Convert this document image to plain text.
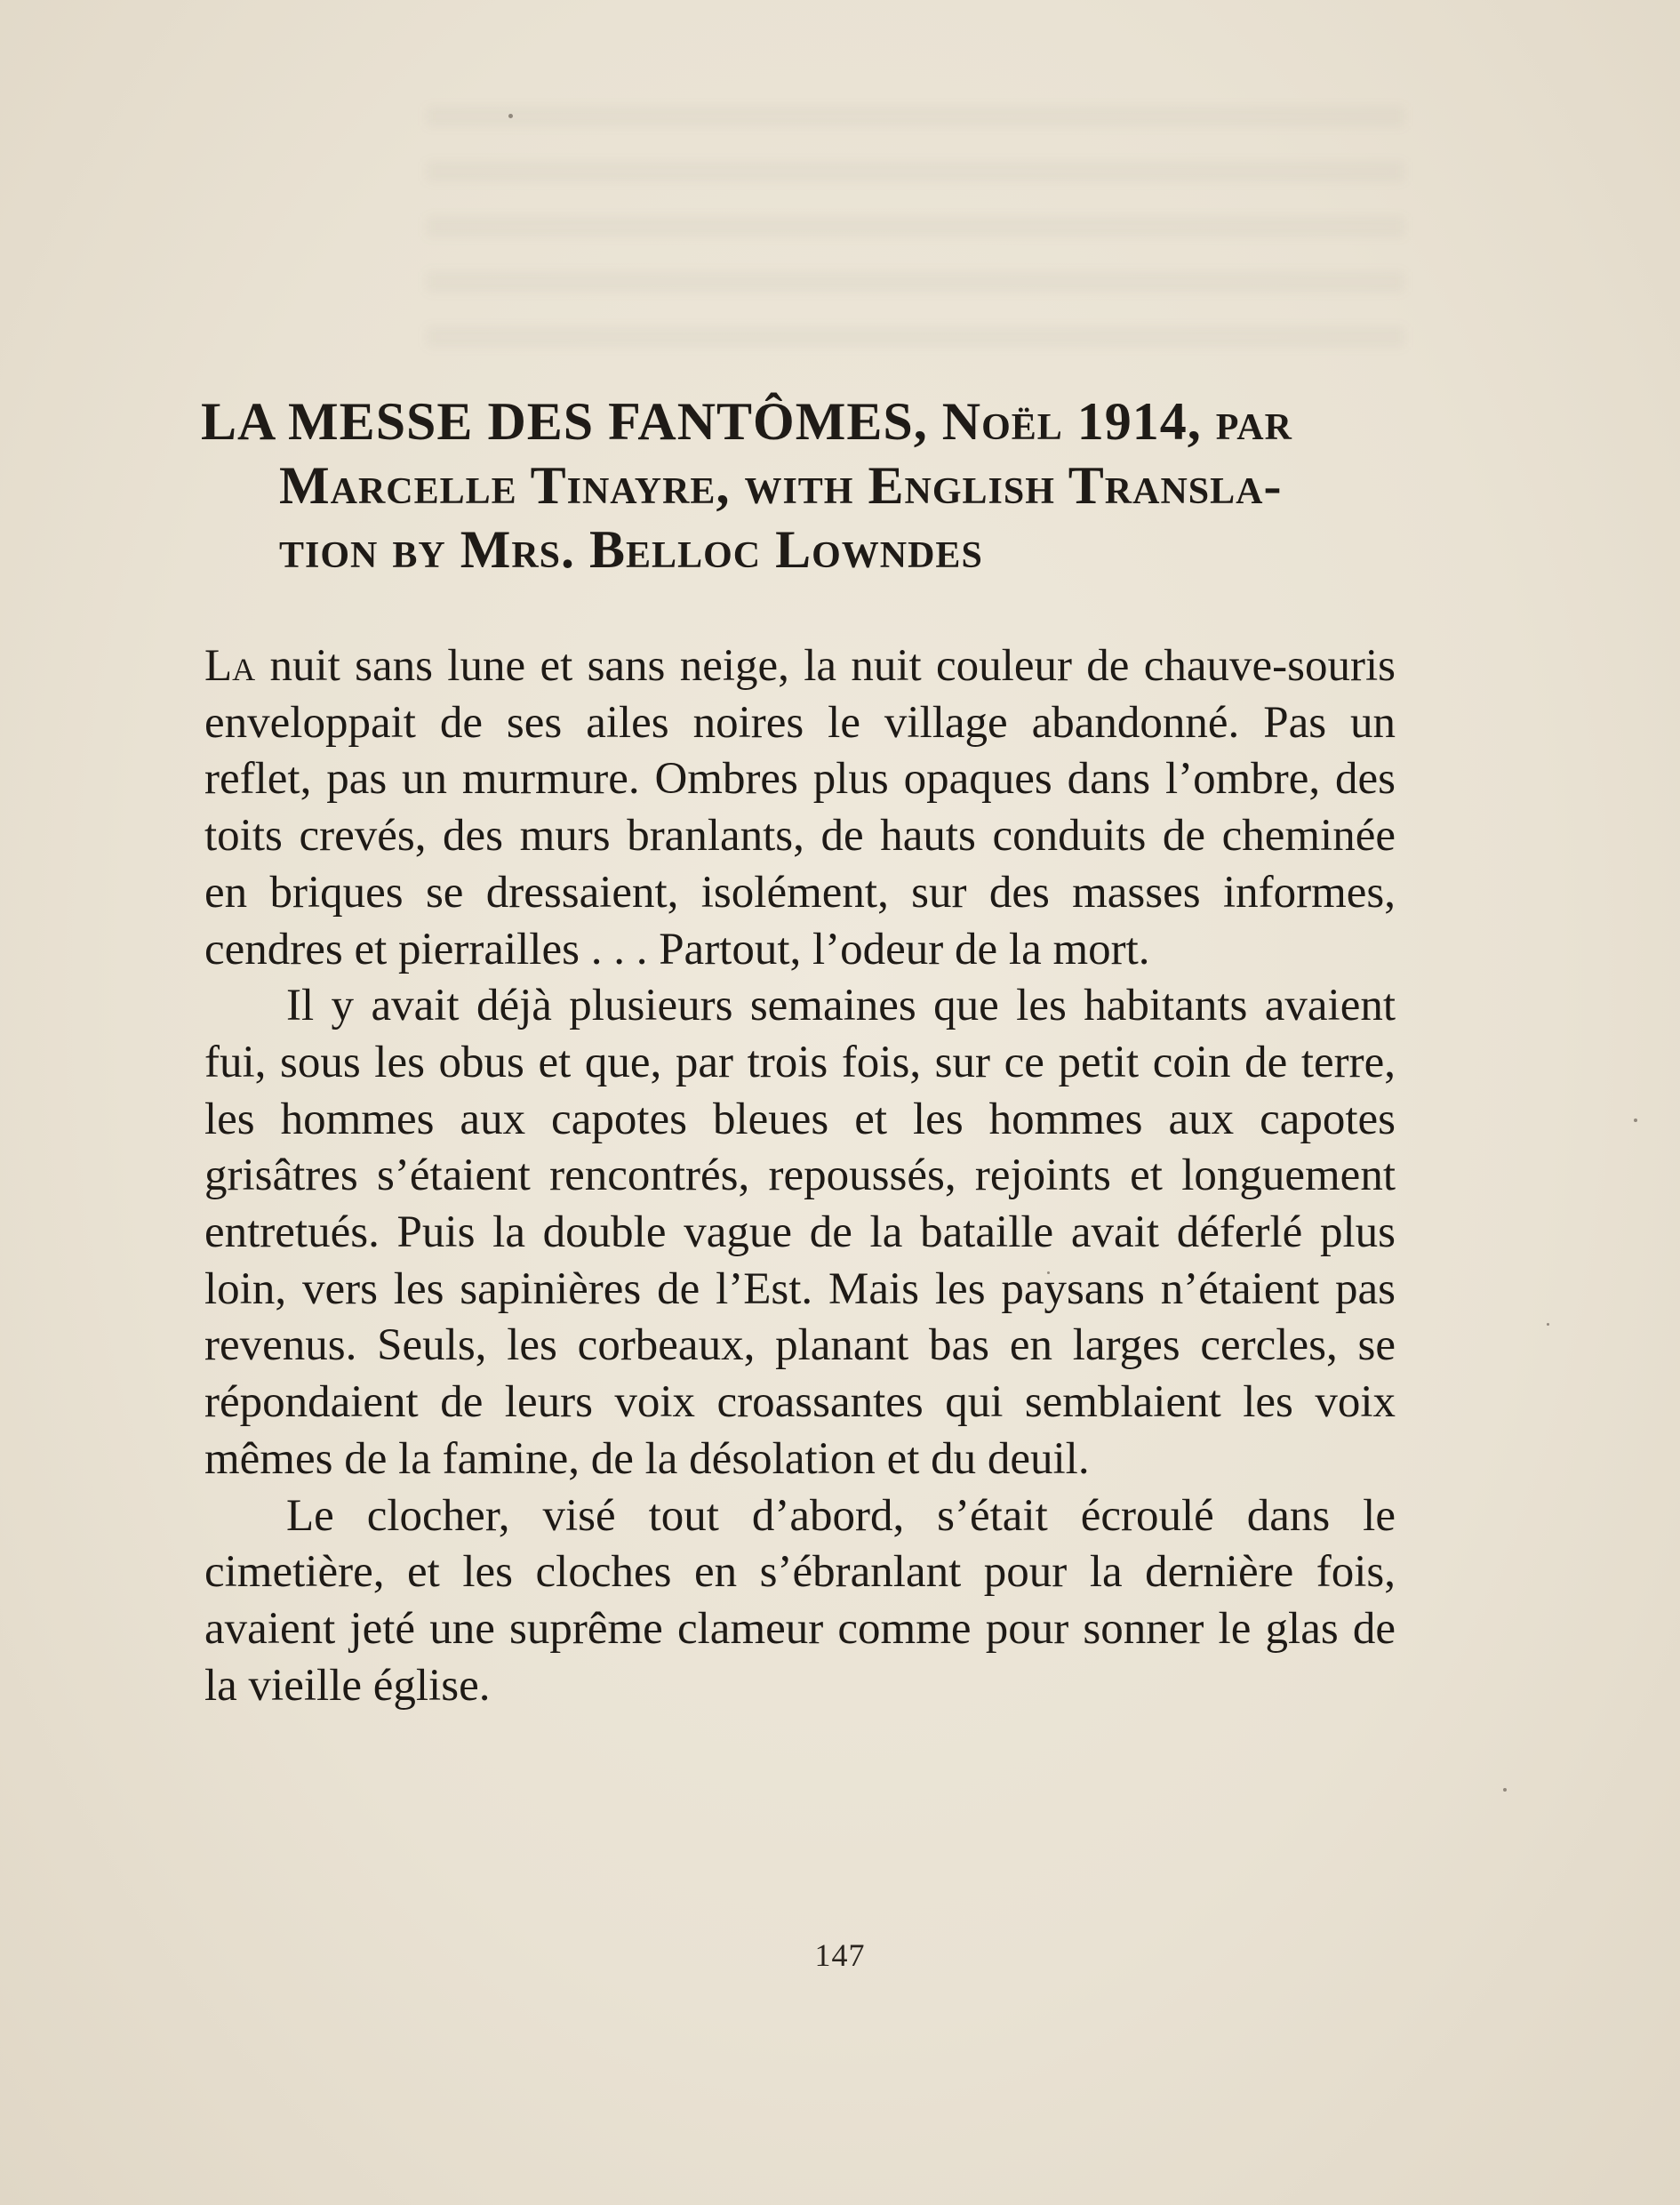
LA MESSE DES FANTÔMES, Noël 1914, par
Marcelle Tinayre, with English Transla-
tion by Mrs. Belloc Lowndes

La nuit sans lune et sans neige, la nuit couleur de chauve-souris enveloppait de ses ailes noires le village abandonné. Pas un reflet, pas un murmure. Ombres plus opaques dans l’ombre, des toits crevés, des murs branlants, de hauts conduits de cheminée en briques se dressaient, isolément, sur des masses informes, cendres et pierrailles . . . Partout, l’odeur de la mort.

Il y avait déjà plusieurs semaines que les habitants avaient fui, sous les obus et que, par trois fois, sur ce petit coin de terre, les hommes aux capotes bleues et les hommes aux capotes grisâtres s’étaient rencontrés, repoussés, rejoints et longuement entretués. Puis la double vague de la bataille avait déferlé plus loin, vers les sapinières de l’Est. Mais les paysans n’étaient pas revenus. Seuls, les corbeaux, planant bas en larges cercles, se répondaient de leurs voix croassantes qui semblaient les voix mêmes de la famine, de la désolation et du deuil.

Le clocher, visé tout d’abord, s’était écroulé dans le cimetière, et les cloches en s’ébranlant pour la dernière fois, avaient jeté une suprême clameur comme pour sonner le glas de la vieille église.

147
